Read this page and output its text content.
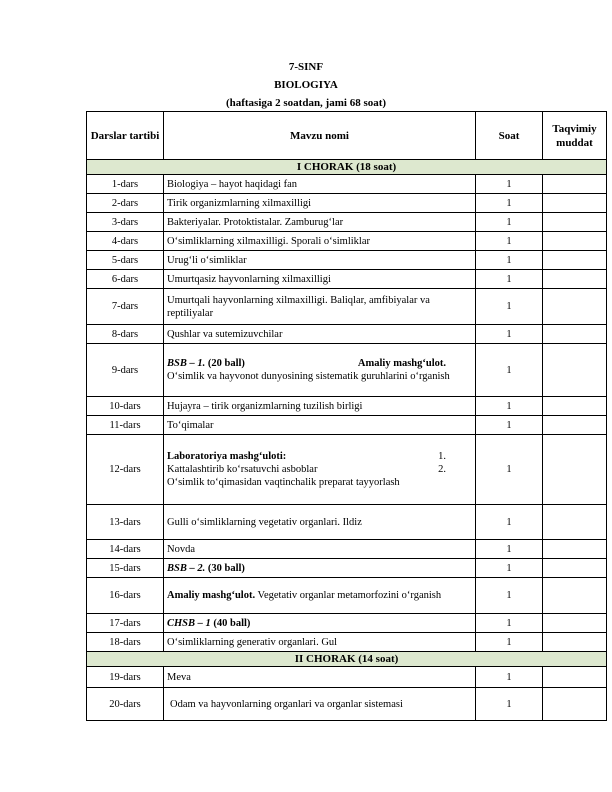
7-SINF
BIOLOGIYA
(haftasiga 2 soatdan, jami 68 soat)
Darslar tartibi	Mavzu nomi	Soat	Taqvimiy muddat
I CHORAK (18 soat)			
1-dars	Biologiya – hayot haqidagi fan	1	
2-dars	Tirik organizmlarning xilmaxilligi	1	
3-dars	Bakteriyalar. Protoktistalar. Zamburug‘lar	1	
4-dars	O‘simliklarning xilmaxilligi. Sporali o‘simliklar	1	
5-dars	Urug‘li o‘simliklar	1	
6-dars	Umurtqasiz hayvonlarning xilmaxilligi	1	
7-dars	Umurtqali hayvonlarning xilmaxilligi. Baliqlar, amfibiyalar va reptiliyalar	1	
8-dars	Qushlar va sutemizuvchilar	1	
9-dars	BSB – 1. (20 ball) Amaliy mashg‘ulot.
O‘simlik va hayvonot dunyosining sistematik guruhlarini o‘rganish	1	
10-dars	Hujayra – tirik organizmlarning tuzilish birligi	1	
11-dars	To‘qimalar	1	
12-dars	Laboratoriya mashg‘uloti: 1.
Kattalashtirib ko‘rsatuvchi asboblar 2.
O‘simlik to‘qimasidan vaqtinchalik preparat tayyorlash	1	
13-dars	Gulli o‘simliklarning vegetativ organlari. Ildiz	1	
14-dars	Novda	1	
15-dars	BSB – 2. (30 ball)	1	
16-dars	Amaliy mashg‘ulot. Vegetativ organlar metamorfozini o‘rganish	1	
17-dars	CHSB – 1 (40 ball)	1	
18-dars	O‘simliklarning generativ organlari. Gul	1	
II CHORAK (14 soat)			
19-dars	Meva	1	
20-dars	Odam va hayvonlarning organlari va organlar sistemasi	1	
